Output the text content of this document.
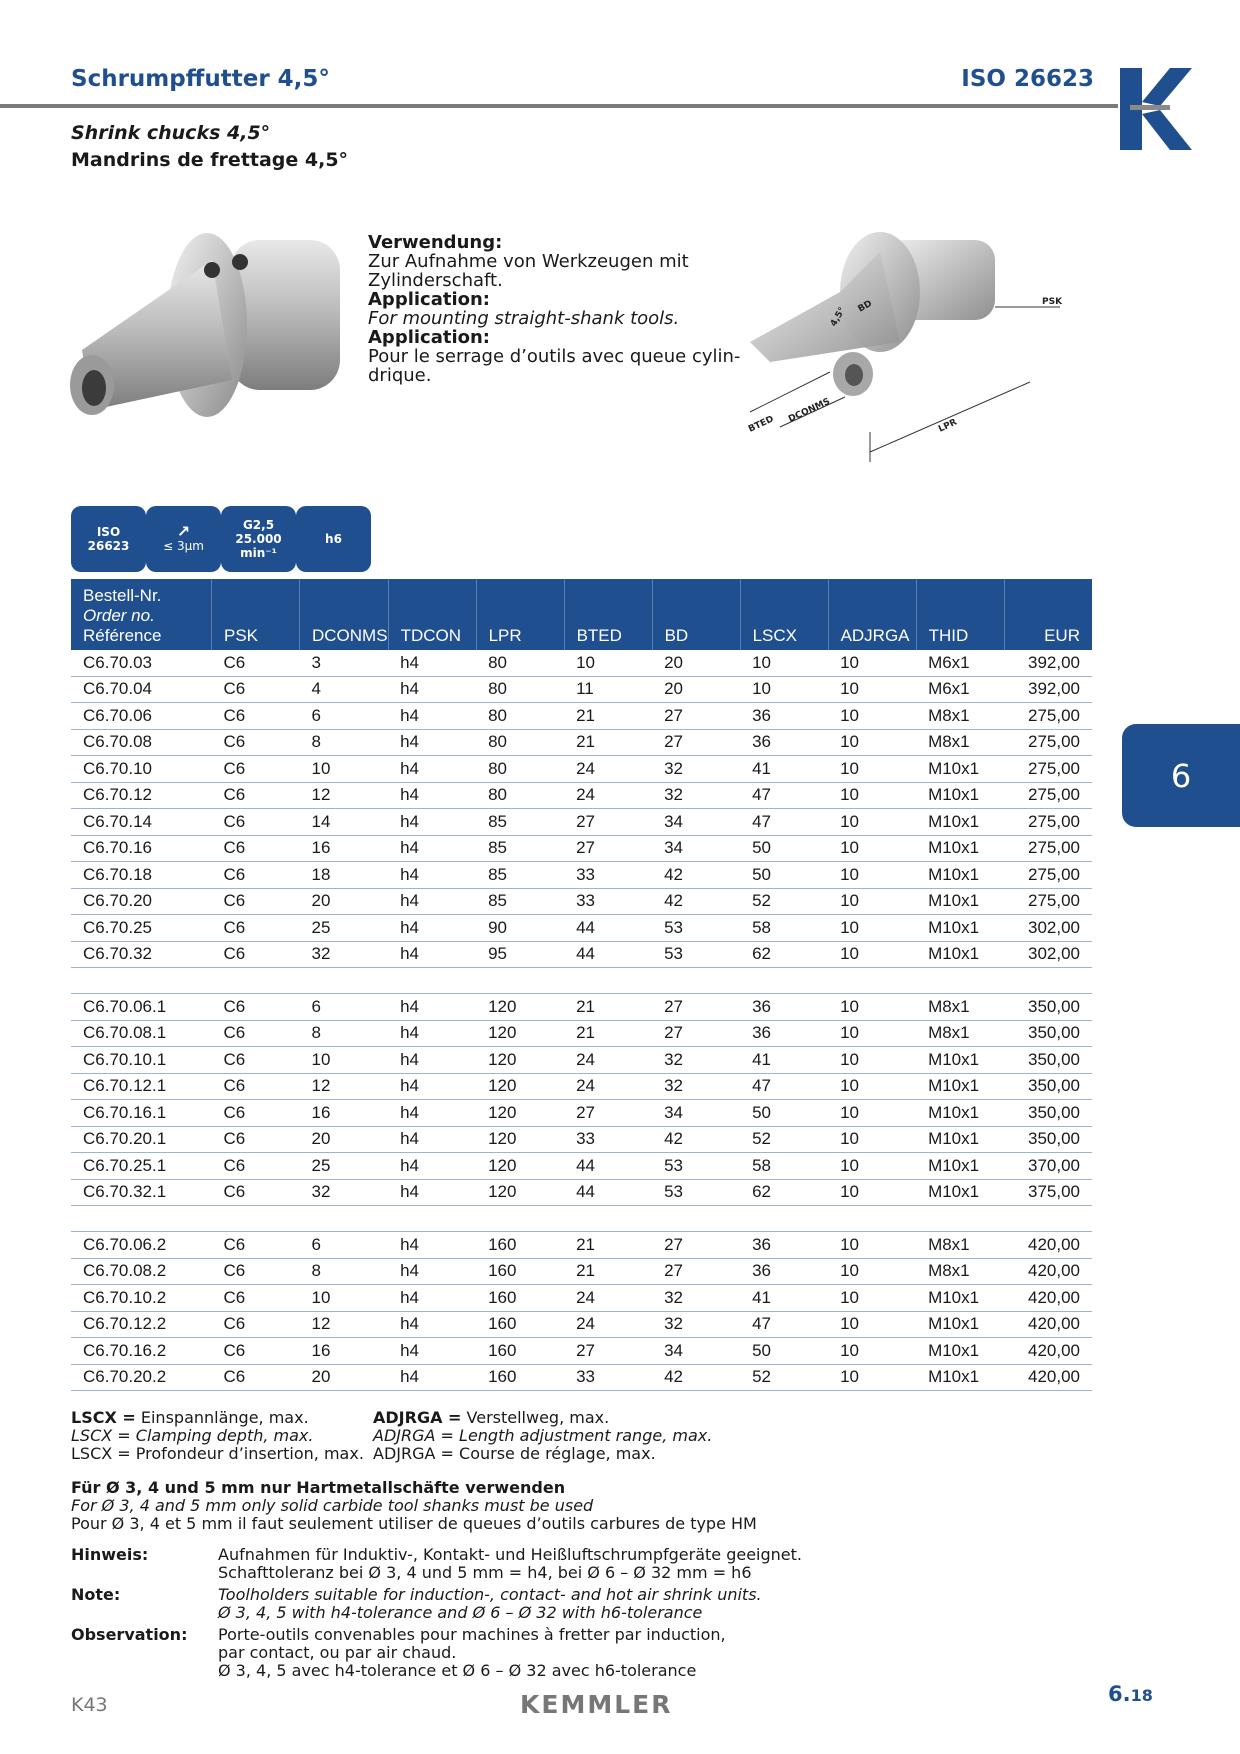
Schrumpffutter 4,5°	ISO 26623
Shrink chucks 4,5°
Mandrins de frettage 4,5°
Verwendung:
Zur Aufnahme von Werkzeugen mit
Zylinderschaft.
Application:
For mounting straight-shank tools.
Application:
Pour le serrage d’outils avec queue cylin-
drique.
BTED DCONMS
LPR
4,5° BD	PSK
ISO
26623
↗
≤ 3µm
G2,5
25.000
min⁻¹
h6
Bestell-Nr.
Order no.
Référence	PSK	DCONMS	TDCON	LPR	BTED	BD	LSCX	ADJRGA	THID	EUR
C6.70.03	C6	3	h4	80	10	20	10	10	M6x1	392,00
C6.70.04	C6	4	h4	80	11	20	10	10	M6x1	392,00
C6.70.06	C6	6	h4	80	21	27	36	10	M8x1	275,00
C6.70.08	C6	8	h4	80	21	27	36	10	M8x1	275,00
C6.70.10	C6	10	h4	80	24	32	41	10	M10x1	275,00
C6.70.12	C6	12	h4	80	24	32	47	10	M10x1	275,00
C6.70.14	C6	14	h4	85	27	34	47	10	M10x1	275,00
C6.70.16	C6	16	h4	85	27	34	50	10	M10x1	275,00
C6.70.18	C6	18	h4	85	33	42	50	10	M10x1	275,00
C6.70.20	C6	20	h4	85	33	42	52	10	M10x1	275,00
C6.70.25	C6	25	h4	90	44	53	58	10	M10x1	302,00
C6.70.32	C6	32	h4	95	44	53	62	10	M10x1	302,00

C6.70.06.1	C6	6	h4	120	21	27	36	10	M8x1	350,00
C6.70.08.1	C6	8	h4	120	21	27	36	10	M8x1	350,00
C6.70.10.1	C6	10	h4	120	24	32	41	10	M10x1	350,00
C6.70.12.1	C6	12	h4	120	24	32	47	10	M10x1	350,00
C6.70.16.1	C6	16	h4	120	27	34	50	10	M10x1	350,00
C6.70.20.1	C6	20	h4	120	33	42	52	10	M10x1	350,00
C6.70.25.1	C6	25	h4	120	44	53	58	10	M10x1	370,00
C6.70.32.1	C6	32	h4	120	44	53	62	10	M10x1	375,00

C6.70.06.2	C6	6	h4	160	21	27	36	10	M8x1	420,00
C6.70.08.2	C6	8	h4	160	21	27	36	10	M8x1	420,00
C6.70.10.2	C6	10	h4	160	24	32	41	10	M10x1	420,00
C6.70.12.2	C6	12	h4	160	24	32	47	10	M10x1	420,00
C6.70.16.2	C6	16	h4	160	27	34	50	10	M10x1	420,00
C6.70.20.2	C6	20	h4	160	33	42	52	10	M10x1	420,00
6
LSCX = Einspannlänge, max.
LSCX = Clamping depth, max.
LSCX = Profondeur d’insertion, max.
ADJRGA = Verstellweg, max.
ADJRGA = Length adjustment range, max.
ADJRGA = Course de réglage, max.
Für Ø 3, 4 und 5 mm nur Hartmetallschäfte verwenden
For Ø 3, 4 and 5 mm only solid carbide tool shanks must be used
Pour Ø 3, 4 et 5 mm il faut seulement utiliser de queues d’outils carbures de type HM
Hinweis:	Aufnahmen für Induktiv-, Kontakt- und Heißluftschrumpfgeräte geeignet.
Schafttoleranz bei Ø 3, 4 und 5 mm = h4, bei Ø 6 – Ø 32 mm = h6
Note:	Toolholders suitable for induction-, contact- and hot air shrink units.
Ø 3, 4, 5 with h4-tolerance and Ø 6 – Ø 32 with h6-tolerance
Observation:	Porte-outils convenables pour machines à fretter par induction,
par contact, ou par air chaud.
Ø 3, 4, 5 avec h4-tolerance et Ø 6 – Ø 32 avec h6-tolerance
K43	KEMMLER	6.18
